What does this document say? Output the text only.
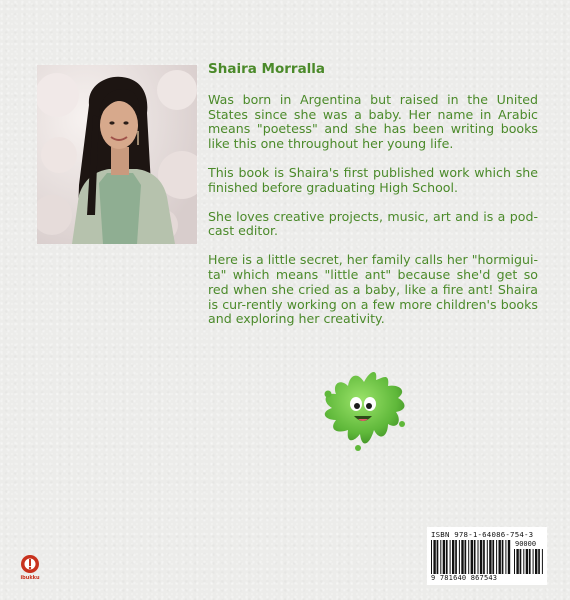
Shaira Morralla

Was born in Argentina but raised in the United States since she was a baby. Her name in Arabic means "poetess" and she has been writing books like this one throughout her young life.

This book is Shaira's first published work which she finished before graduating High School.

She loves creative projects, music, art and is a pod-cast editor.

Here is a little secret, her family calls her "hormigui-ta" which means "little ant" because she'd get so red when she cried as a baby, like a fire ant! Shaira is cur-rently working on a few more children's books and exploring her creativity.

ibukku
ISBN 978-1-64086-754-3
90000
9 781640 867543
